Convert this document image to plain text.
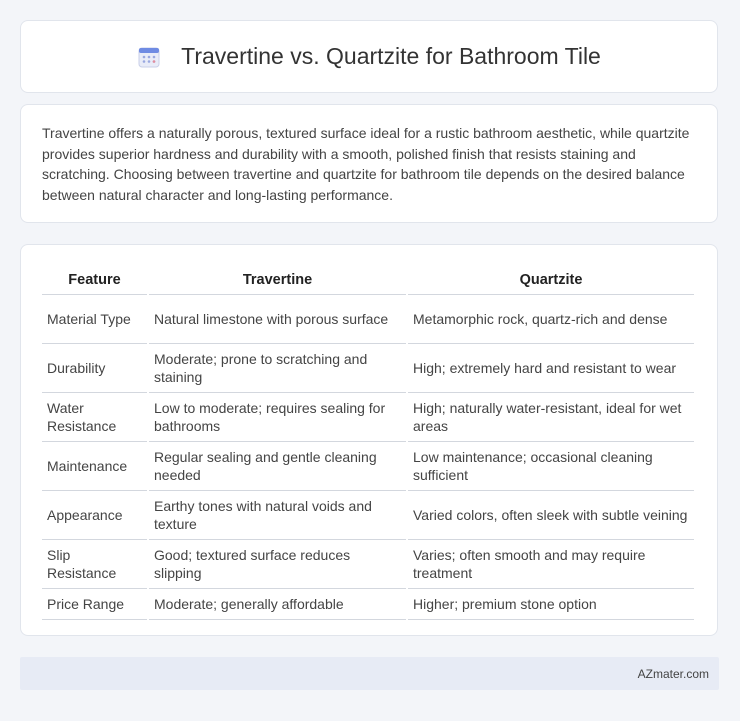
Travertine vs. Quartzite for Bathroom Tile

Travertine offers a naturally porous, textured surface ideal for a rustic bathroom aesthetic, while quartzite provides superior hardness and durability with a smooth, polished finish that resists staining and scratching. Choosing between travertine and quartzite for bathroom tile depends on the desired balance between natural character and long-lasting performance.

Feature	Travertine	Quartzite
Material Type	Natural limestone with porous surface	Metamorphic rock, quartz-rich and dense
Durability	Moderate; prone to scratching and staining	High; extremely hard and resistant to wear
Water Resistance	Low to moderate; requires sealing for bathrooms	High; naturally water-resistant, ideal for wet areas
Maintenance	Regular sealing and gentle cleaning needed	Low maintenance; occasional cleaning sufficient
Appearance	Earthy tones with natural voids and texture	Varied colors, often sleek with subtle veining
Slip Resistance	Good; textured surface reduces slipping	Varies; often smooth and may require treatment
Price Range	Moderate; generally affordable	Higher; premium stone option
AZmater.com
